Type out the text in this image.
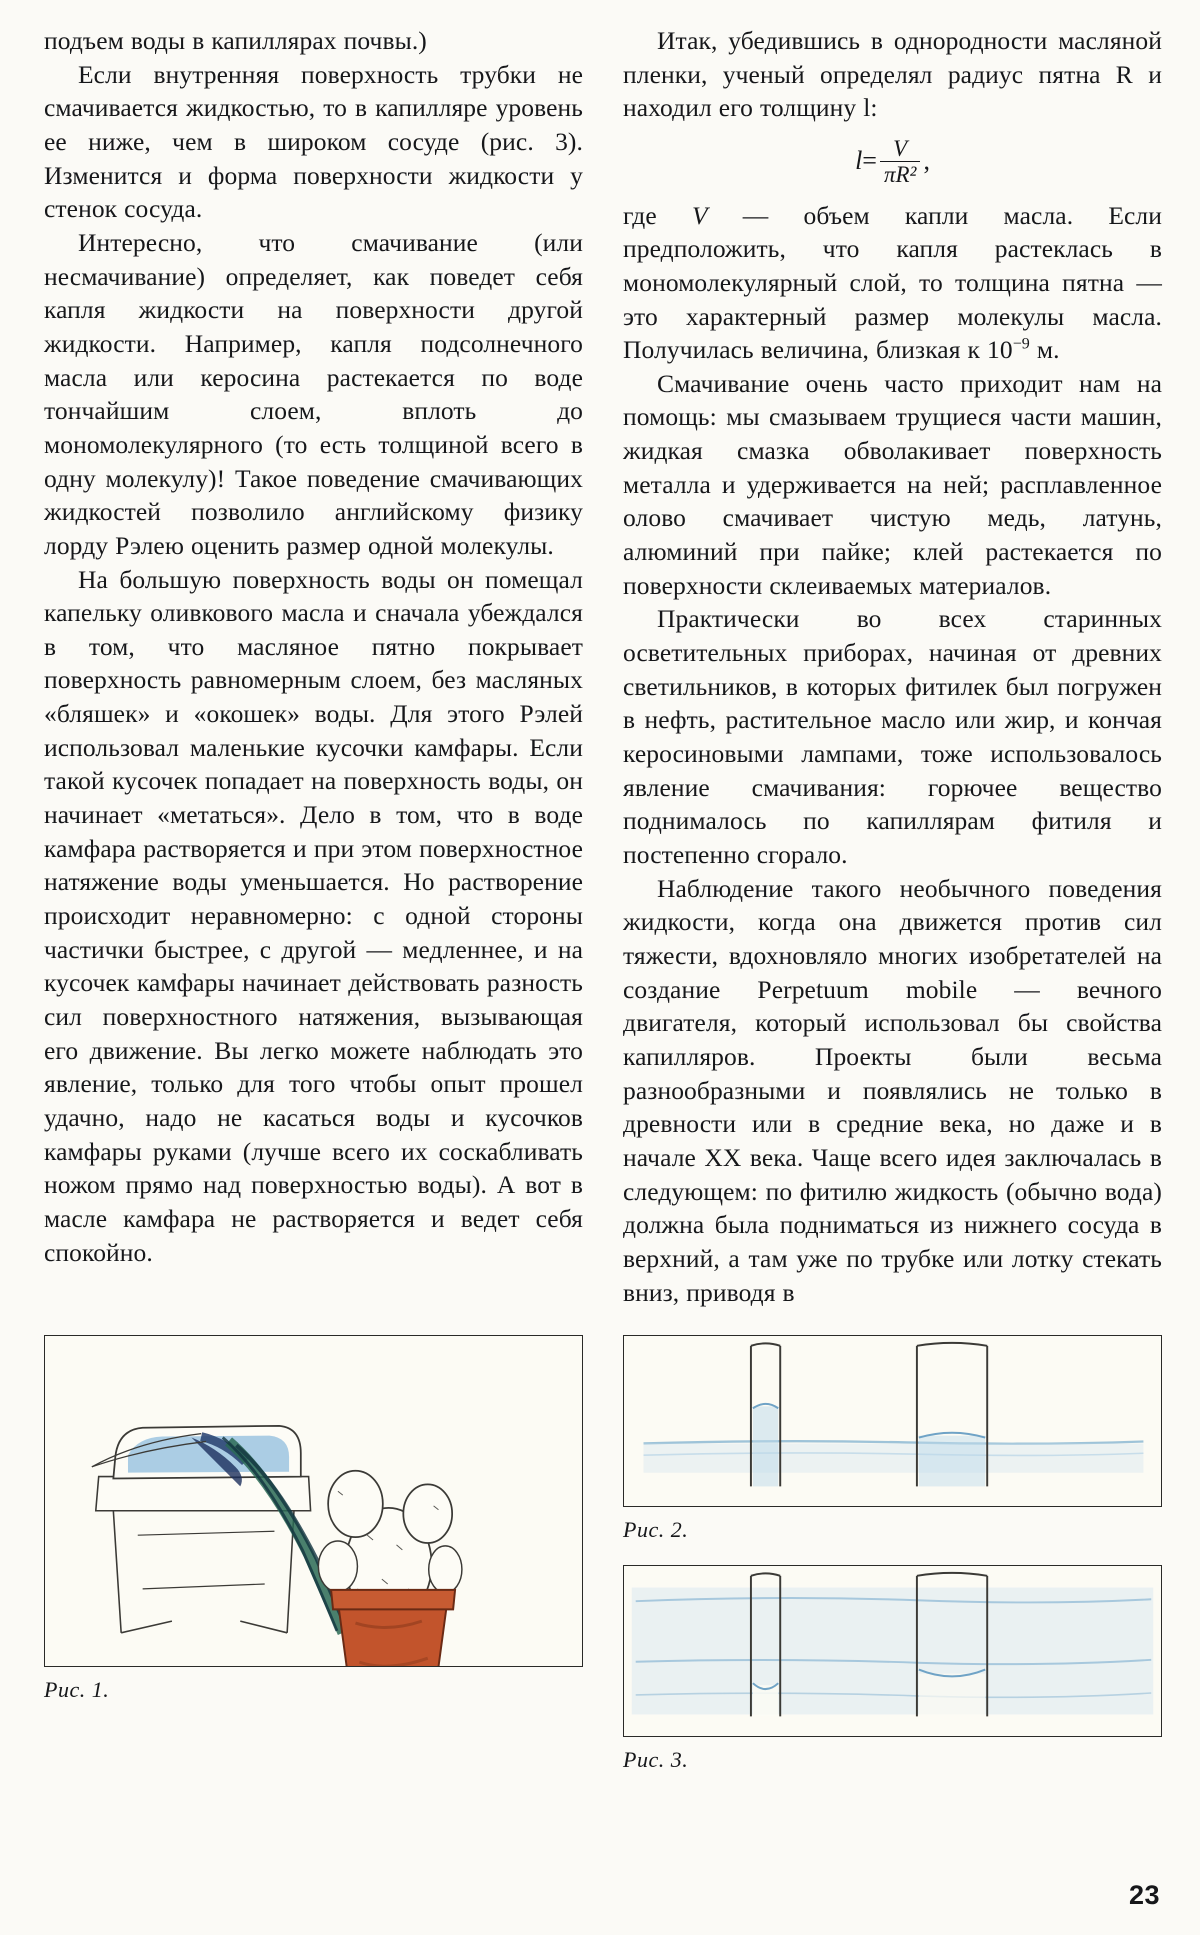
подъем воды в капиллярах почвы.)

Если внутренняя поверхность трубки не смачивается жидкостью, то в капилляре уровень ее ниже, чем в широком сосуде (рис. 3). Изменится и форма поверхности жидкости у стенок сосуда.

Интересно, что смачивание (или несмачивание) определяет, как поведет себя капля жидкости на поверхности другой жидкости. Например, капля подсолнечного масла или керосина растекается по воде тончайшим слоем, вплоть до мономолекулярного (то есть толщиной всего в одну молекулу)! Такое поведение смачивающих жидкостей позволило английскому физику лорду Рэлею оценить размер одной молекулы.

На большую поверхность воды он помещал капельку оливкового масла и сначала убеждался в том, что масляное пятно покрывает поверхность равномерным слоем, без масляных «бляшек» и «окошек» воды. Для этого Рэлей использовал маленькие кусочки камфары. Если такой кусочек попадает на поверхность воды, он начинает «метаться». Дело в том, что в воде камфара растворяется и при этом поверхностное натяжение воды уменьшается. Но растворение происходит неравномерно: с одной стороны частички быстрее, с другой — медленнее, и на кусочек камфары начинает действовать разность сил поверхностного натяжения, вызывающая его движение. Вы легко можете наблюдать это явление, только для того чтобы опыт прошел удачно, надо не касаться воды и кусочков камфары руками (лучше всего их соскабливать ножом прямо над поверхностью воды). А вот в масле камфара не растворяется и ведет себя спокойно.

Итак, убедившись в однородности масляной пленки, ученый определял радиус пятна R и находил его толщину l:

$l= \frac{V}{\text{πR²}}$ ,

где V — объем капли масла. Если предположить, что капля растеклась в мономолекулярный слой, то толщина пятна — это характерный размер молекулы масла. Получилась величина, близкая к $10^{-9}$ м.

Смачивание очень часто приходит нам на помощь: мы смазываем трущиеся части машин, жидкая смазка обволакивает поверхность металла и удерживается на ней; расплавленное олово смачивает чистую медь, латунь, алюминий при пайке; клей растекается по поверхности склеиваемых материалов.

Практически во всех старинных осветительных приборах, начиная от древних светильников, в которых фитилек был погружен в нефть, растительное масло или жир, и кончая керосиновыми лампами, тоже использовалось явление смачивания: горючее вещество поднималось по капиллярам фитиля и постепенно сгорало.

Наблюдение такого необычного поведения жидкости, когда она движется против сил тяжести, вдохновляло многих изобретателей на создание Perpetuum mobile — вечного двигателя, который использовал бы свойства капилляров. Проекты были весьма разнообразными и появлялись не только в древности или в средние века, но даже и в начале XX века. Чаще всего идея заключалась в следующем: по фитилю жидкость (обычно вода) должна была подниматься из нижнего сосуда в верхний, а там уже по трубке или лотку стекать вниз, приводя в

Рис. 1.
Рис. 2.
Рис. 3.
23
